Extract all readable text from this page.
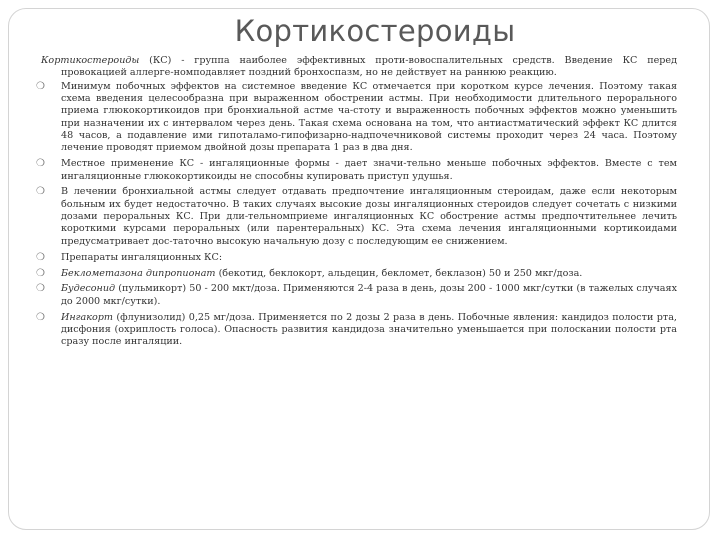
Кортикостероиды

Кортикостероиды (КС) - группа наиболее эффективных проти-вовоспалительных средств. Введение КС перед провокацией аллерге-номподавляет поздний бронхоспазм, но не действует на раннюю реакцию.

❍ Минимум побочных эффектов на системное введение КС отмечается при коротком курсе лечения. Поэтому такая схема введения целесообразна при выраженном обострении астмы. При необходимости длительного перорального приема глюкокортикоидов при бронхиальной астме ча-стоту и выраженность побочных эффектов можно уменьшить при назначении их с интервалом через день. Такая схема основана на том, что антиастматический эффект КС длится 48 часов, а подавление ими гипоталамо-гипофизарно-надпочечниковой системы проходит через 24 часа. Поэтому лечение проводят приемом двойной дозы препарата 1 раз в два дня.
❍ Местное применение КС - ингаляционные формы - дает значи-тельно меньше побочных эффектов. Вместе с тем ингаляционные глюкокортикоиды не способны купировать приступ удушья.
❍ В лечении бронхиальной астмы следует отдавать предпочтение ингаляционным стероидам, даже если некоторым больным их будет недостаточно. В таких случаях высокие дозы ингаляционных стероидов следует сочетать с низкими дозами пероральных КС. При дли-тельномприеме ингаляционных КС обострение астмы предпочтительнее лечить короткими курсами пероральных (или парентеральных) КС. Эта схема лечения ингаляционными кортикоидами предусматривает дос-таточно высокую начальную дозу с последующим ее снижением.
❍ Препараты ингаляционных КС:
❍ Беклометазона дипропионат (бекотид, беклокорт, альдецин, бекломет, беклазон) 50 и 250 мкг/доза.
❍ Будесонид (пульмикорт) 50 - 200 мкт/доза. Применяются 2-4 раза в день, дозы 200 - 1000 мкг/сутки (в тажелых случаях до 2000 мкг/сутки).
❍ Ингакорт (флунизолид) 0,25 мг/доза. Применяется по 2 дозы 2 раза в день. Побочные явления: кандидоз полости рта, дисфония (охриплость голоса). Опасность развития кандидоза значительно уменьшается при полоскании полости рта сразу после ингаляции.
